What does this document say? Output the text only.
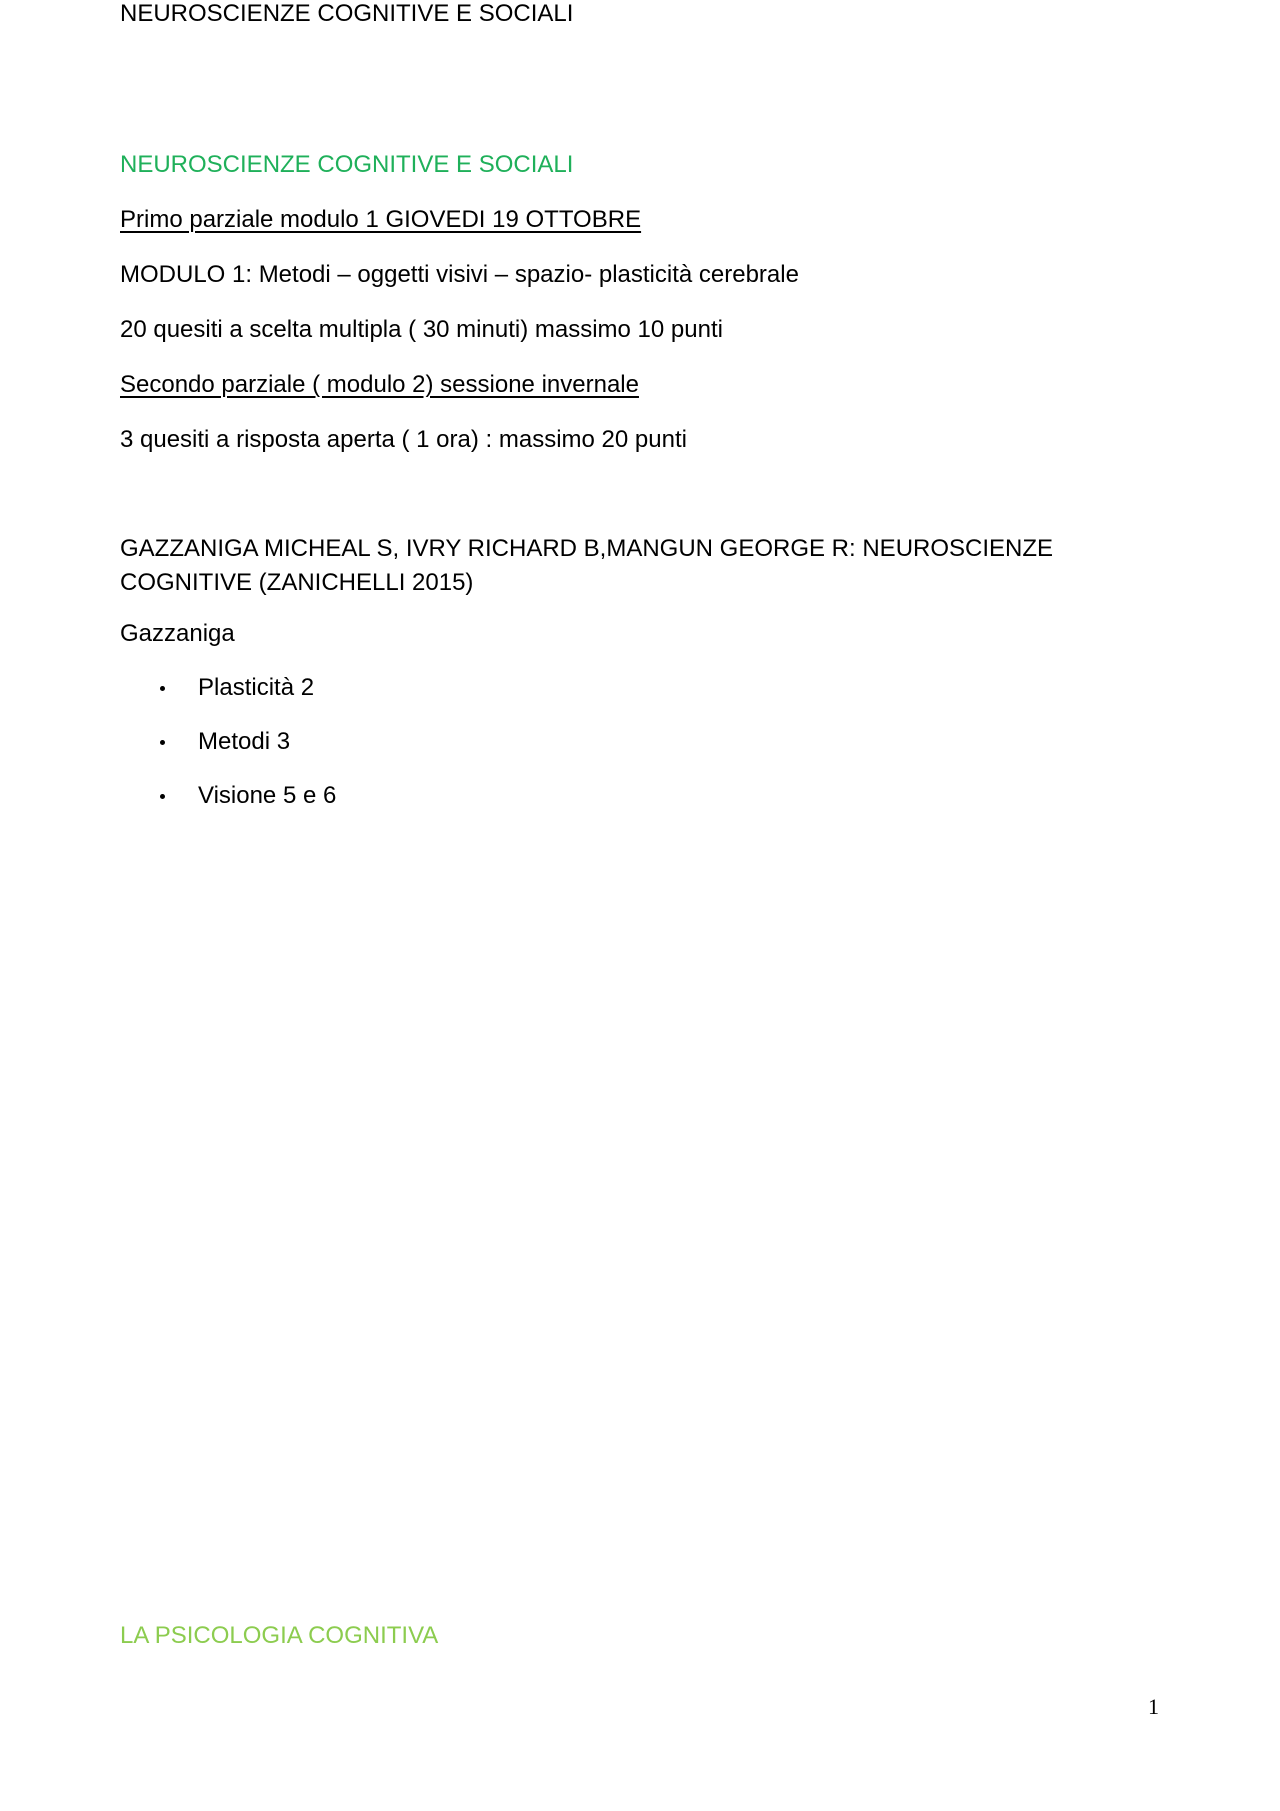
NEUROSCIENZE COGNITIVE E SOCIALI
NEUROSCIENZE COGNITIVE E SOCIALI
Primo parziale modulo 1 GIOVEDI 19 OTTOBRE
MODULO 1: Metodi – oggetti visivi – spazio- plasticità cerebrale
20 quesiti a scelta multipla ( 30 minuti) massimo 10 punti
Secondo parziale ( modulo 2) sessione invernale
3 quesiti a risposta aperta ( 1 ora) : massimo 20 punti
GAZZANIGA MICHEAL S, IVRY RICHARD B,MANGUN GEORGE R: NEUROSCIENZE COGNITIVE (ZANICHELLI 2015)
Gazzaniga
Plasticità 2
Metodi 3
Visione 5 e 6
LA PSICOLOGIA COGNITIVA
1
